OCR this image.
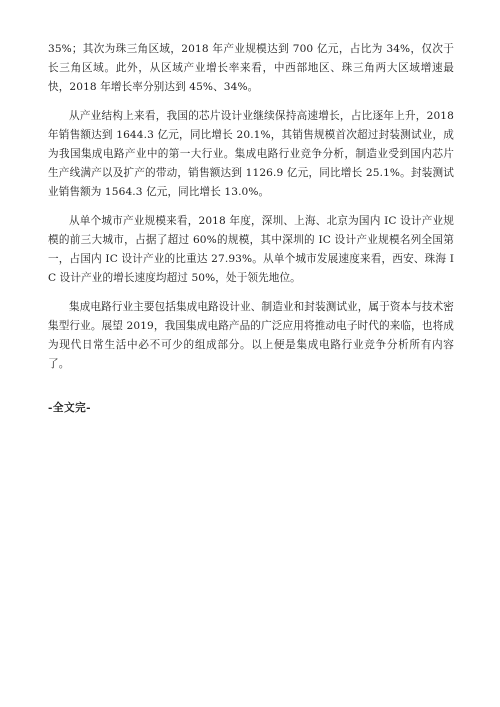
35%；其次为珠三角区域，2018 年产业规模达到 700 亿元，占比为 34%，仅次于长三角区域。此外，从区域产业增长率来看，中西部地区、珠三角两大区域增速最快，2018 年增长率分别达到 45%、34%。

从产业结构上来看，我国的芯片设计业继续保持高速增长，占比逐年上升，2018 年销售额达到 1644.3 亿元，同比增长 20.1%，其销售规模首次超过封装测试业，成为我国集成电路产业中的第一大行业。集成电路行业竞争分析，制造业受到国内芯片生产线满产以及扩产的带动，销售额达到 1126.9 亿元，同比增长 25.1%。封装测试业销售额为 1564.3 亿元，同比增长 13.0%。

从单个城市产业规模来看，2018 年度，深圳、上海、北京为国内 IC 设计产业规模的前三大城市，占据了超过 60%的规模，其中深圳的 IC 设计产业规模名列全国第一，占国内 IC 设计产业的比重达 27.93%。从单个城市发展速度来看，西安、珠海 IC 设计产业的增长速度均超过 50%，处于领先地位。

集成电路行业主要包括集成电路设计业、制造业和封装测试业，属于资本与技术密集型行业。展望 2019，我国集成电路产品的广泛应用将推动电子时代的来临，也将成为现代日常生活中必不可少的组成部分。以上便是集成电路行业竞争分析所有内容了。

-全文完-
